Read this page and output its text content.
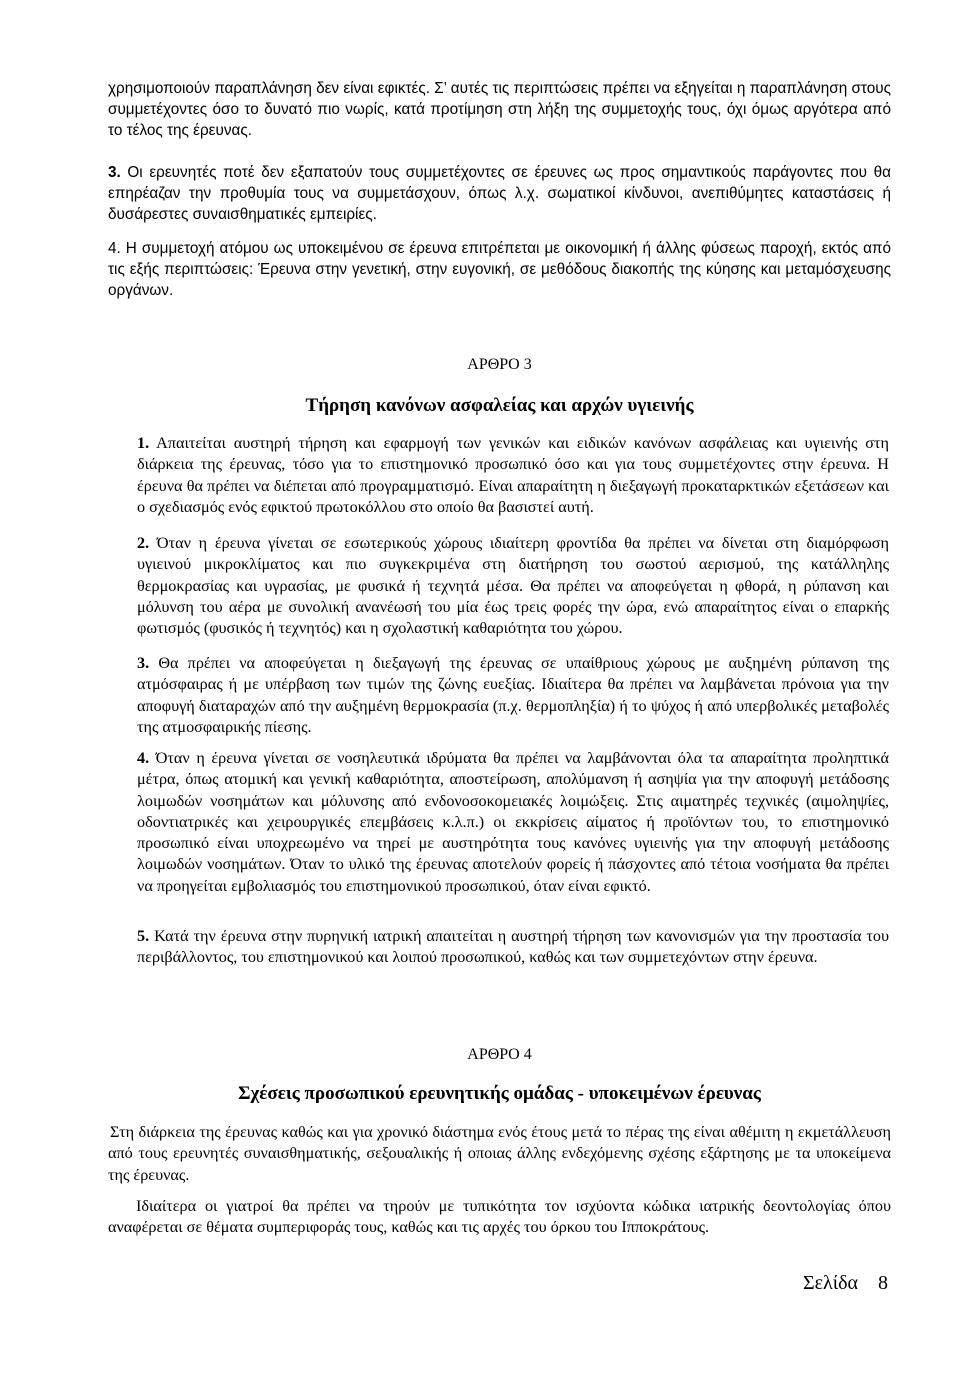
χρησιμοποιούν παραπλάνηση δεν είναι εφικτές. Σ’ αυτές τις περιπτώσεις πρέπει να εξηγείται η παραπλάνηση στους συμμετέχοντες όσο το δυνατό πιο νωρίς, κατά προτίμηση στη λήξη της συμμετοχής τους, όχι όμως αργότερα από το τέλος της έρευνας.

3. Οι ερευνητές ποτέ δεν εξαπατούν τους συμμετέχοντες σε έρευνες ως προς σημαντικούς παράγοντες που θα επηρέαζαν την προθυμία τους να συμμετάσχουν, όπως λ.χ. σωματικοί κίνδυνοι, ανεπιθύμητες καταστάσεις ή δυσάρεστες συναισθηματικές εμπειρίες.

4. Η συμμετοχή ατόμου ως υποκειμένου σε έρευνα επιτρέπεται με οικονομική ή άλλης φύσεως παροχή, εκτός από τις εξής περιπτώσεις: Έρευνα στην γενετική, στην ευγονική, σε μεθόδους διακοπής της κύησης και μεταμόσχευσης οργάνων.

ΑΡΘΡΟ 3

Τήρηση κανόνων ασφαλείας και αρχών υγιεινής

1. Απαιτείται αυστηρή τήρηση και εφαρμογή των γενικών και ειδικών κανόνων ασφάλειας και υγιεινής στη διάρκεια της έρευνας, τόσο για το επιστημονικό προσωπικό όσο και για τους συμμετέχοντες στην έρευνα. Η έρευνα θα πρέπει να διέπεται από προγραμματισμό. Είναι απαραίτητη η διεξαγωγή προκαταρκτικών εξετάσεων και ο σχεδιασμός ενός εφικτού πρωτοκόλλου στο οποίο θα βασιστεί αυτή.

2. Όταν η έρευνα γίνεται σε εσωτερικούς χώρους ιδιαίτερη φροντίδα θα πρέπει να δίνεται στη διαμόρφωση υγιεινού μικροκλίματος και πιο συγκεκριμένα στη διατήρηση του σωστού αερισμού, της κατάλληλης θερμοκρασίας και υγρασίας, με φυσικά ή τεχνητά μέσα. Θα πρέπει να αποφεύγεται η φθορά, η ρύπανση και μόλυνση του αέρα με συνολική ανανέωσή του μία έως τρεις φορές την ώρα, ενώ απαραίτητος είναι ο επαρκής φωτισμός (φυσικός ή τεχνητός) και η σχολαστική καθαριότητα του χώρου.

3. Θα πρέπει να αποφεύγεται η διεξαγωγή της έρευνας σε υπαίθριους χώρους με αυξημένη ρύπανση της ατμόσφαιρας ή με υπέρβαση των τιμών της ζώνης ευεξίας. Ιδιαίτερα θα πρέπει να λαμβάνεται πρόνοια για την αποφυγή διαταραχών από την αυξημένη θερμοκρασία (π.χ. θερμοπληξία) ή το ψύχος ή από υπερβολικές μεταβολές της ατμοσφαιρικής πίεσης.

4. Όταν η έρευνα γίνεται σε νοσηλευτικά ιδρύματα θα πρέπει να λαμβάνονται όλα τα απαραίτητα προληπτικά μέτρα, όπως ατομική και γενική καθαριότητα, αποστείρωση, απολύμανση ή ασηψία για την αποφυγή μετάδοσης λοιμωδών νοσημάτων και μόλυνσης από ενδονοσοκομειακές λοιμώξεις. Στις αιματηρές τεχνικές (αιμοληψίες, οδοντιατρικές και χειρουργικές επεμβάσεις κ.λ.π.) οι εκκρίσεις αίματος ή προϊόντων του, το επιστημονικό προσωπικό είναι υποχρεωμένο να τηρεί με αυστηρότητα τους κανόνες υγιεινής για την αποφυγή μετάδοσης λοιμωδών νοσημάτων. Όταν το υλικό της έρευνας αποτελούν φορείς ή πάσχοντες από τέτοια νοσήματα θα πρέπει να προηγείται εμβολιασμός του επιστημονικού προσωπικού, όταν είναι εφικτό.

5. Κατά την έρευνα στην πυρηνική ιατρική απαιτείται η αυστηρή τήρηση των κανονισμών για την προστασία του περιβάλλοντος, του επιστημονικού και λοιπού προσωπικού, καθώς και των συμμετεχόντων στην έρευνα.

ΑΡΘΡΟ 4

Σχέσεις προσωπικού ερευνητικής ομάδας - υποκειμένων έρευνας

Στη διάρκεια της έρευνας καθώς και για χρονικό διάστημα ενός έτους μετά το πέρας της είναι αθέμιτη η εκμετάλλευση από τους ερευνητές συναισθηματικής, σεξουαλικής ή οποιας άλλης ενδεχόμενης σχέσης εξάρτησης με τα υποκείμενα της έρευνας.

Ιδιαίτερα οι γιατροί θα πρέπει να τηρούν με τυπικότητα τον ισχύοντα κώδικα ιατρικής δεοντολογίας όπου αναφέρεται σε θέματα συμπεριφοράς τους, καθώς και τις αρχές του όρκου του Ιπποκράτους.

Σελίδα 8
